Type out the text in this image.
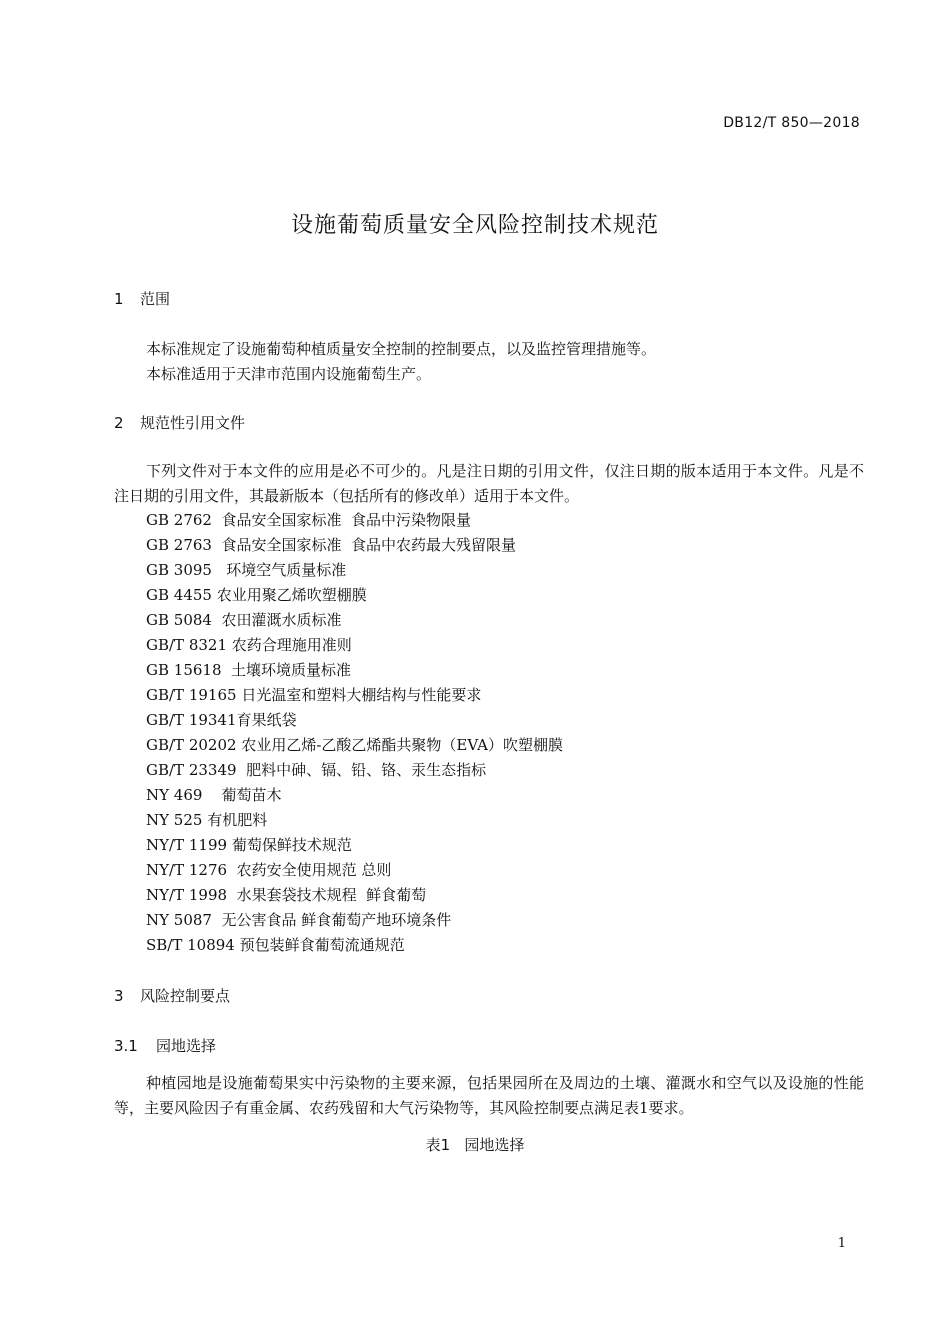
DB12/T 850—2018
设施葡萄质量安全风险控制技术规范
1 范围
本标准规定了设施葡萄种植质量安全控制的控制要点，以及监控管理措施等。
本标准适用于天津市范围内设施葡萄生产。
2 规范性引用文件
下列文件对于本文件的应用是必不可少的。凡是注日期的引用文件，仅注日期的版本适用于本文件。凡是不注日期的引用文件，其最新版本（包括所有的修改单）适用于本文件。
GB 2762 食品安全国家标准  食品中污染物限量
GB 2763 食品安全国家标准  食品中农药最大残留限量
GB 3095 环境空气质量标准
GB 4455 农业用聚乙烯吹塑棚膜
GB 5084 农田灌溉水质标准
GB/T 8321 农药合理施用准则
GB 15618 土壤环境质量标准
GB/T 19165 日光温室和塑料大棚结构与性能要求
GB/T 19341育果纸袋
GB/T 20202 农业用乙烯-乙酸乙烯酯共聚物（EVA）吹塑棚膜
GB/T 23349 肥料中砷、镉、铅、铬、汞生态指标
NY 469 葡萄苗木
NY 525 有机肥料
NY/T 1199 葡萄保鲜技术规范
NY/T 1276 农药安全使用规范 总则
NY/T 1998 水果套袋技术规程  鲜食葡萄
NY 5087 无公害食品 鲜食葡萄产地环境条件
SB/T 10894 预包装鲜食葡萄流通规范
3 风险控制要点
3.1 园地选择
种植园地是设施葡萄果实中污染物的主要来源，包括果园所在及周边的土壤、灌溉水和空气以及设施的性能等，主要风险因子有重金属、农药残留和大气污染物等，其风险控制要点满足表1要求。
表1 园地选择
1
